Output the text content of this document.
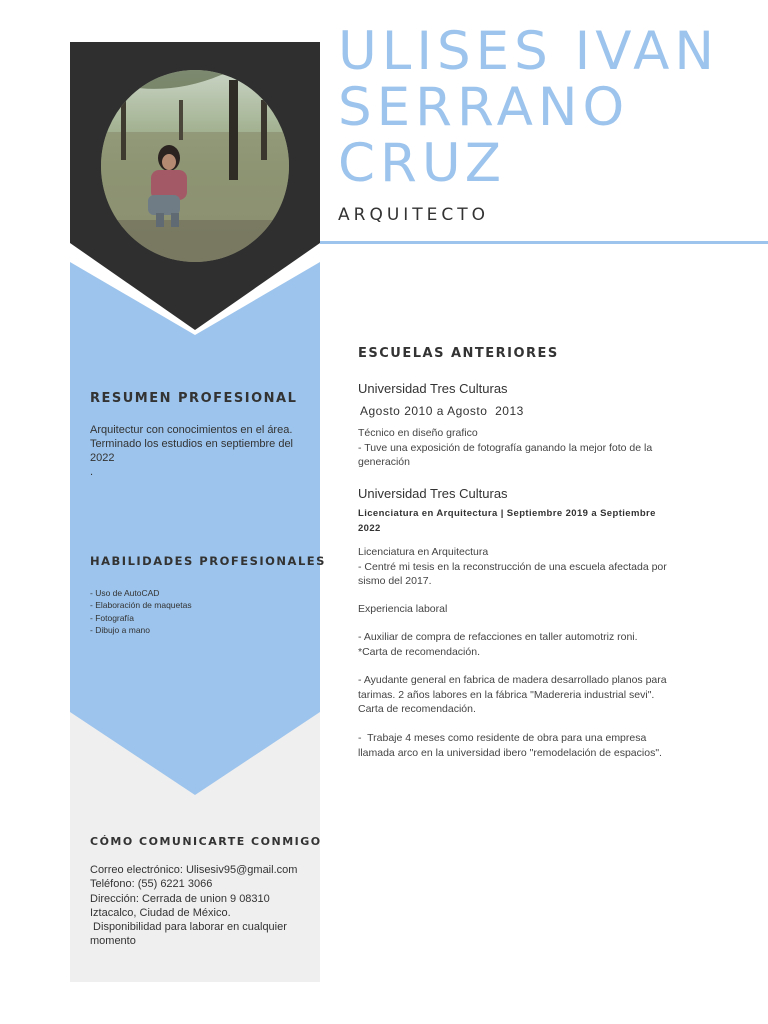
ULISES IVAN
SERRANO
CRUZ
ARQUITECTO
RESUMEN PROFESIONAL
Arquitectur con conocimientos en el área.
Terminado los estudios en septiembre del
2022
.
HABILIDADES PROFESIONALES
- Uso de AutoCAD
- Elaboración de maquetas
- Fotografía
- Dibujo a mano
CÓMO COMUNICARTE CONMIGO
Correo electrónico: Ulisesiv95@gmail.com
Teléfono: (55) 6221 3066
Dirección: Cerrada de union 9 08310
Iztacalco, Ciudad de México.
Disponibilidad para laborar en cualquier
momento
ESCUELAS ANTERIORES
Universidad Tres Culturas
Agosto 2010 a Agosto  2013
Técnico en diseño grafico
- Tuve una exposición de fotografía ganando la mejor foto de la
generación
Universidad Tres Culturas
Licenciatura en Arquitectura | Septiembre 2019 a Septiembre
2022
Licenciatura en Arquitectura
- Centré mi tesis en la reconstrucción de una escuela afectada por
sismo del 2017.
Experiencia laboral
- Auxiliar de compra de refacciones en taller automotriz roni.
*Carta de recomendación.
- Ayudante general en fabrica de madera desarrollado planos para
tarimas. 2 años labores en la fábrica "Madereria industrial sevi".
Carta de recomendación.
-  Trabaje 4 meses como residente de obra para una empresa
llamada arco en la universidad ibero "remodelación de espacios".
